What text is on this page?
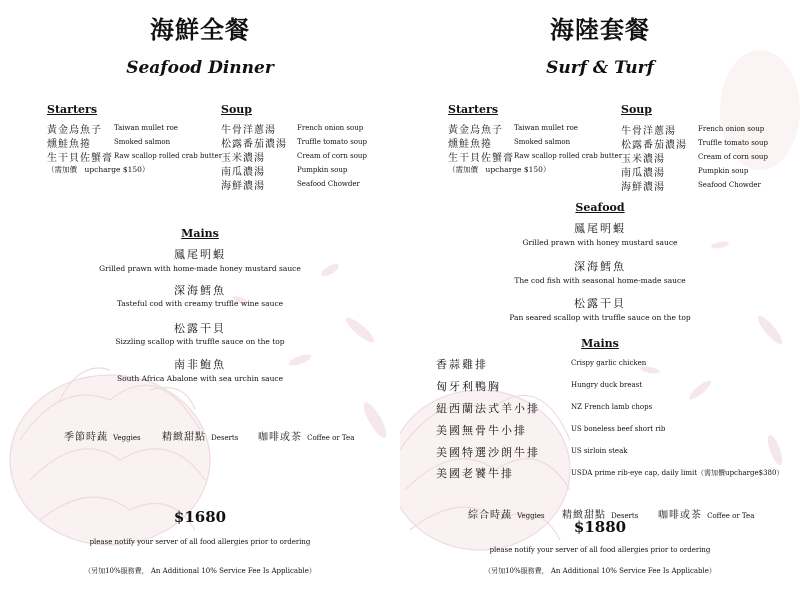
海鮮全餐
Seafood Dinner
Starters
黃金烏魚子 Taiwan mullet roe
燻鮭魚捲	Smoked salmon
生干貝佐蟹膏 Raw scallop rolled crab butter
（需加價　upcharge $150）
Soup
牛骨洋蔥湯	French onion soup
松露番茄濃湯 Truffle tomato soup
玉米濃湯	Cream of corn soup
南瓜濃湯	Pumpkin soup
海鮮濃湯	Seafood Chowder
Mains
鳳尾明蝦
Grilled prawn with home-made honey mustard sauce
深海鱈魚
Tasteful cod with creamy truffle wine sauce
松露干貝
Sizzling scallop with truffle sauce on the top
南非鮑魚
South Africa Abalone with sea urchin sauce
季節時蔬 Veggies 精緻甜點 Deserts 咖啡或茶 Coffee or Tea
$1680
please notify your server of all food allergies prior to ordering
（另加10%服務費， An Additional 10% Service Fee Is Applicable）
海陸套餐
Surf & Turf
Starters
黃金烏魚子 Taiwan mullet roe
燻鮭魚捲	Smoked salmon
生干貝佐蟹膏 Raw scallop rolled crab butter
（需加價　upcharge $150）
Soup
牛骨洋蔥湯	French onion soup
松露番茄濃湯 Truffle tomato soup
玉米濃湯	Cream of corn soup
南瓜濃湯	Pumpkin soup
海鮮濃湯	Seafood Chowder
Seafood
鳳尾明蝦
Grilled prawn with honey mustard sauce
深海鱈魚
The cod fish with seasonal home-made sauce
松露干貝
Pan seared scallop with truffle sauce on the top
Mains
香蒜雞排	Crispy garlic chicken
匈牙利鴨胸	Hungry duck breast
紐西蘭法式羊小排	NZ French lamb chops
美國無骨牛小排	US boneless beef short rib
美國特選沙朗牛排	US sirloin steak
美國老饕牛排	USDA prime rib-eye cap, daily limit（需加價upcharge$380）
綜合時蔬 Veggies 精緻甜點 Deserts 咖啡或茶 Coffee or Tea
$1880
please notify your server of all food allergies prior to ordering
（另加10%服務費， An Additional 10% Service Fee Is Applicable）
